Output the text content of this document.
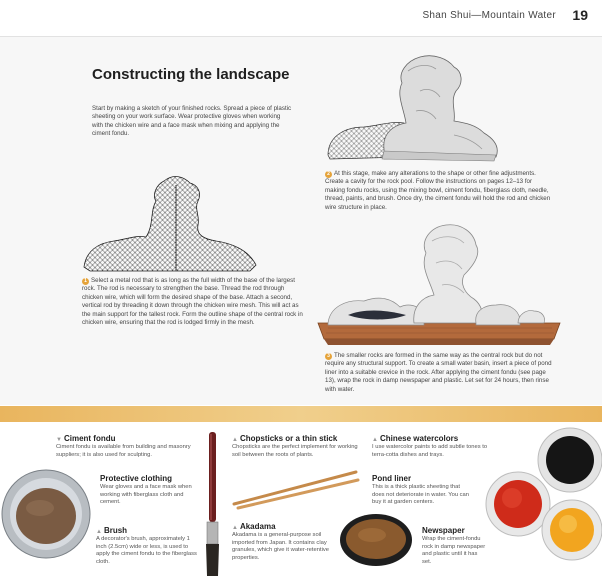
Shan Shui—Mountain Water 19
Constructing the landscape

Start by making a sketch of your finished rocks. Spread a piece of plastic sheeting on your work surface. Wear protective gloves when working with the chicken wire and a face mask when mixing and applying the ciment fondu.

1 Select a metal rod that is as long as the full width of the base of the largest rock. The rod is necessary to strengthen the base. Thread the rod through chicken wire, which will form the desired shape of the base. Attach a second, vertical rod by threading it down through the chicken wire mesh. This will act as the main support for the tallest rock. Form the outline shape of the central rock in chicken wire, ensuring that the rod is lodged firmly in the mesh.

2 At this stage, make any alterations to the shape or other fine adjustments. Create a cavity for the rock pool. Follow the instructions on pages 12–13 for making fondu rocks, using the mixing bowl, ciment fondu, fiberglass cloth, needle, thread, paints, and brush. Once dry, the ciment fondu will hold the rod and chicken wire structure in place.

3 The smaller rocks are formed in the same way as the central rock but do not require any structural support. To create a small water basin, insert a piece of pond liner into a suitable crevice in the rock. After applying the ciment fondu (see page 13), wrap the rock in damp newspaper and plastic. Let set for 24 hours, then rinse with water.

▼ Ciment fondu

Ciment fondu is available from building and masonry suppliers; it is also used for sculpting.

Protective clothing

Wear gloves and a face mask when working with fiberglass cloth and cement.

▲ Brush

A decorator's brush, approximately 1 inch (2.5cm) wide or less, is used to apply the ciment fondu to the fiberglass cloth.

▲ Chopsticks or a thin stick

Chopsticks are the perfect implement for working soil between the roots of plants.

▲ Akadama

Akadama is a general-purpose soil imported from Japan. It contains clay granules, which give it water-retentive properties.

▲ Chinese watercolors

I use watercolor paints to add subtle tones to terra-cotta dishes and trays.

Pond liner

This is a thick plastic sheeting that does not deteriorate in water. You can buy it at garden centers.

Newspaper

Wrap the ciment-fondu rock in damp newspaper and plastic until it has set.
